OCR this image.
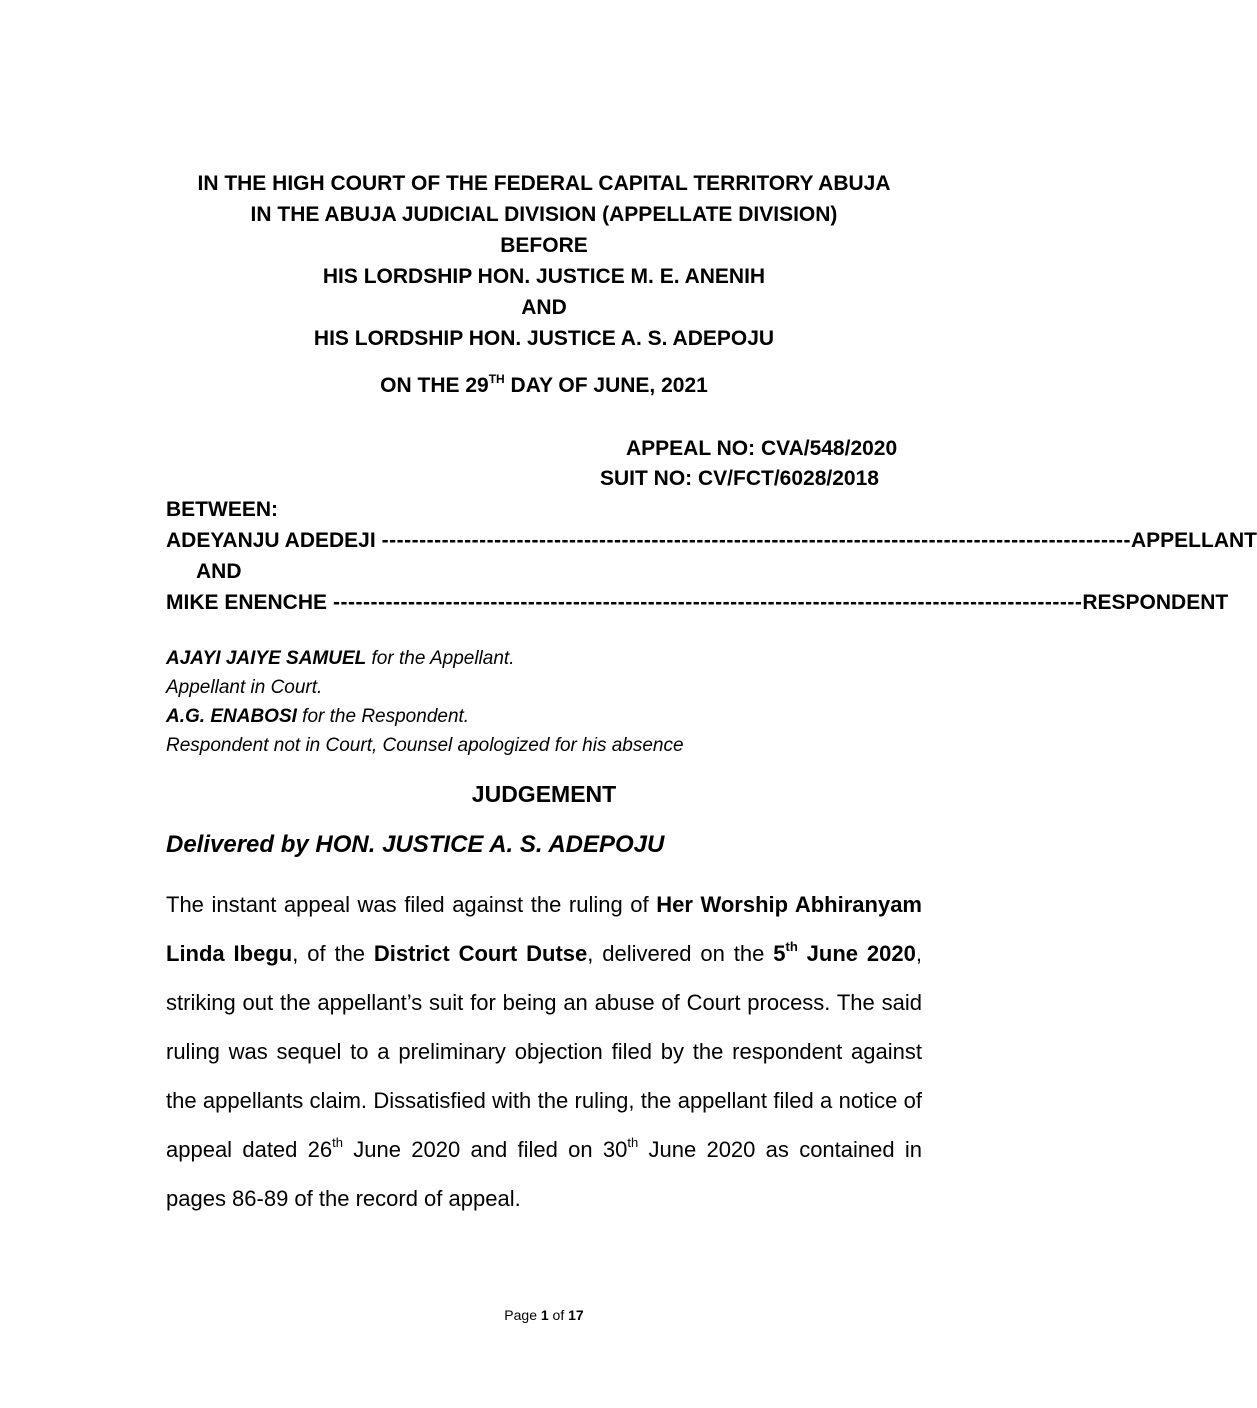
IN THE HIGH COURT OF THE FEDERAL CAPITAL TERRITORY ABUJA
IN THE ABUJA JUDICIAL DIVISION (APPELLATE DIVISION)
BEFORE
HIS LORDSHIP HON. JUSTICE M. E. ANENIH
AND
HIS LORDSHIP HON. JUSTICE A. S. ADEPOJU
ON THE 29TH DAY OF JUNE, 2021
APPEAL NO: CVA/548/2020
SUIT NO: CV/FCT/6028/2018
BETWEEN:
ADEYANJU ADEDEJI ---------------------------------------------------------------------------------------------------- APPELLANT
AND
MIKE ENENCHE ---------------------------------------------------------------------------------------------------- RESPONDENT
AJAYI JAIYE SAMUEL for the Appellant.
Appellant in Court.
A.G. ENABOSI for the Respondent.
Respondent not in Court, Counsel apologized for his absence
JUDGEMENT
Delivered by HON. JUSTICE A. S. ADEPOJU
The instant appeal was filed against the ruling of Her Worship Abhiranyam Linda Ibegu, of the District Court Dutse, delivered on the 5th June 2020, striking out the appellant’s suit for being an abuse of Court process. The said ruling was sequel to a preliminary objection filed by the respondent against the appellants claim. Dissatisfied with the ruling, the appellant filed a notice of appeal dated 26th June 2020 and filed on 30th June 2020 as contained in pages 86-89 of the record of appeal.
Page 1 of 17
